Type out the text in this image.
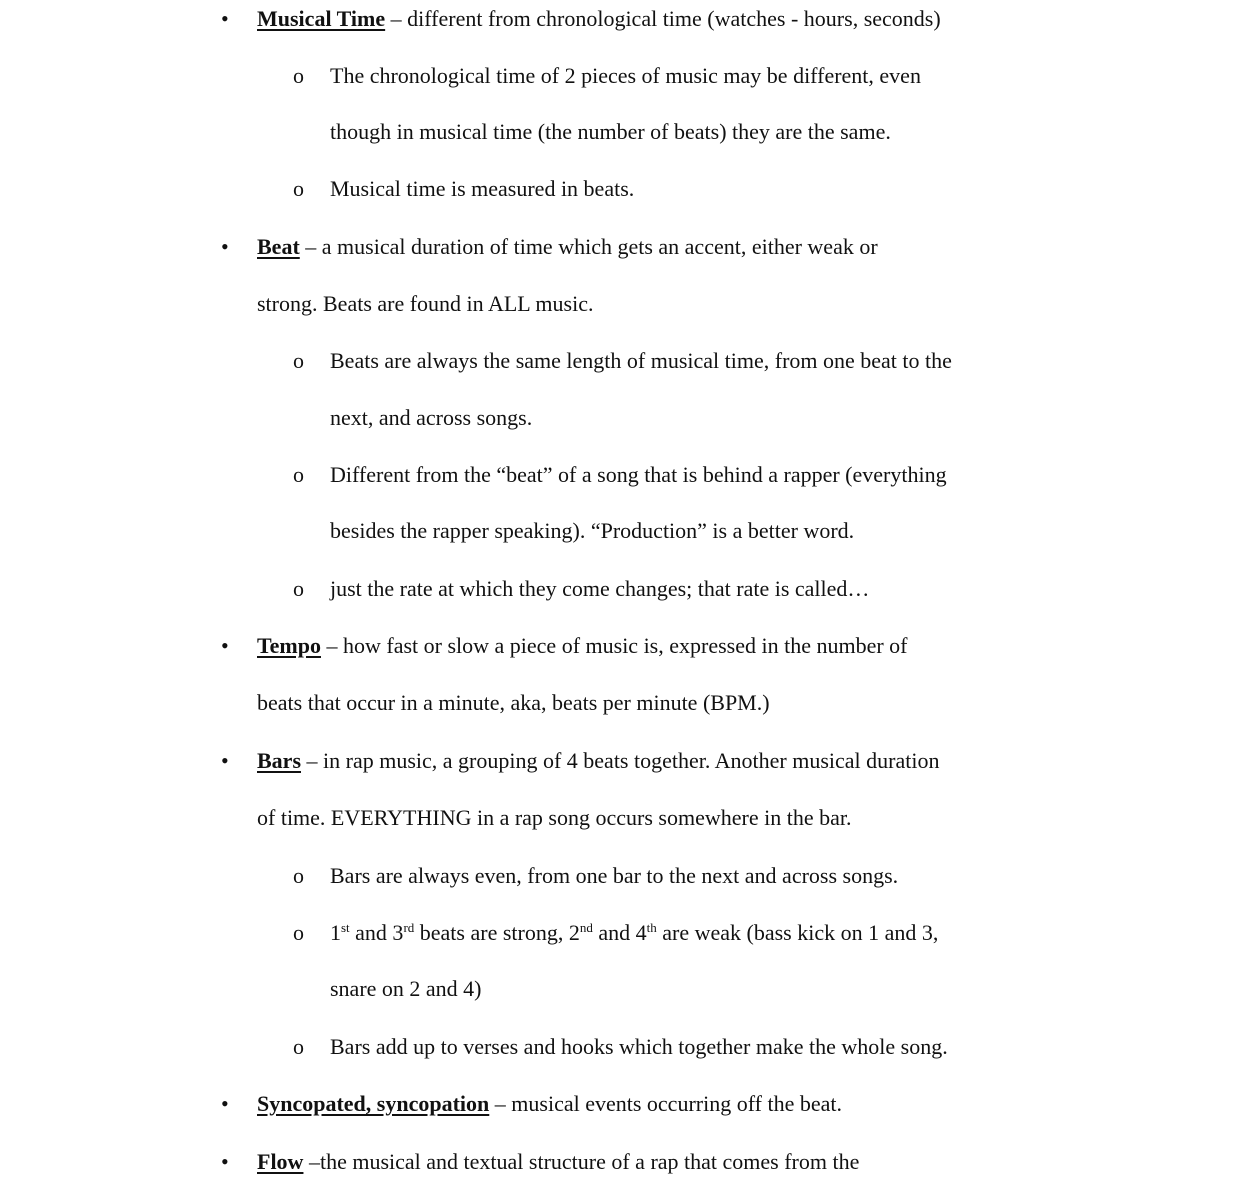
• Musical Time – different from chronological time (watches - hours, seconds)
o The chronological time of 2 pieces of music may be different, even
though in musical time (the number of beats) they are the same.
o Musical time is measured in beats.
• Beat – a musical duration of time which gets an accent, either weak or
strong. Beats are found in ALL music.
o Beats are always the same length of musical time, from one beat to the
next, and across songs.
o Different from the “beat” of a song that is behind a rapper (everything
besides the rapper speaking). “Production” is a better word.
o just the rate at which they come changes; that rate is called…
• Tempo – how fast or slow a piece of music is, expressed in the number of
beats that occur in a minute, aka, beats per minute (BPM.)
• Bars – in rap music, a grouping of 4 beats together. Another musical duration
of time. EVERYTHING in a rap song occurs somewhere in the bar.
o Bars are always even, from one bar to the next and across songs.
o 1st and 3rd beats are strong, 2nd and 4th are weak (bass kick on 1 and 3,
snare on 2 and 4)
o Bars add up to verses and hooks which together make the whole song.
• Syncopated, syncopation – musical events occurring off the beat.
• Flow –the musical and textual structure of a rap that comes from the
